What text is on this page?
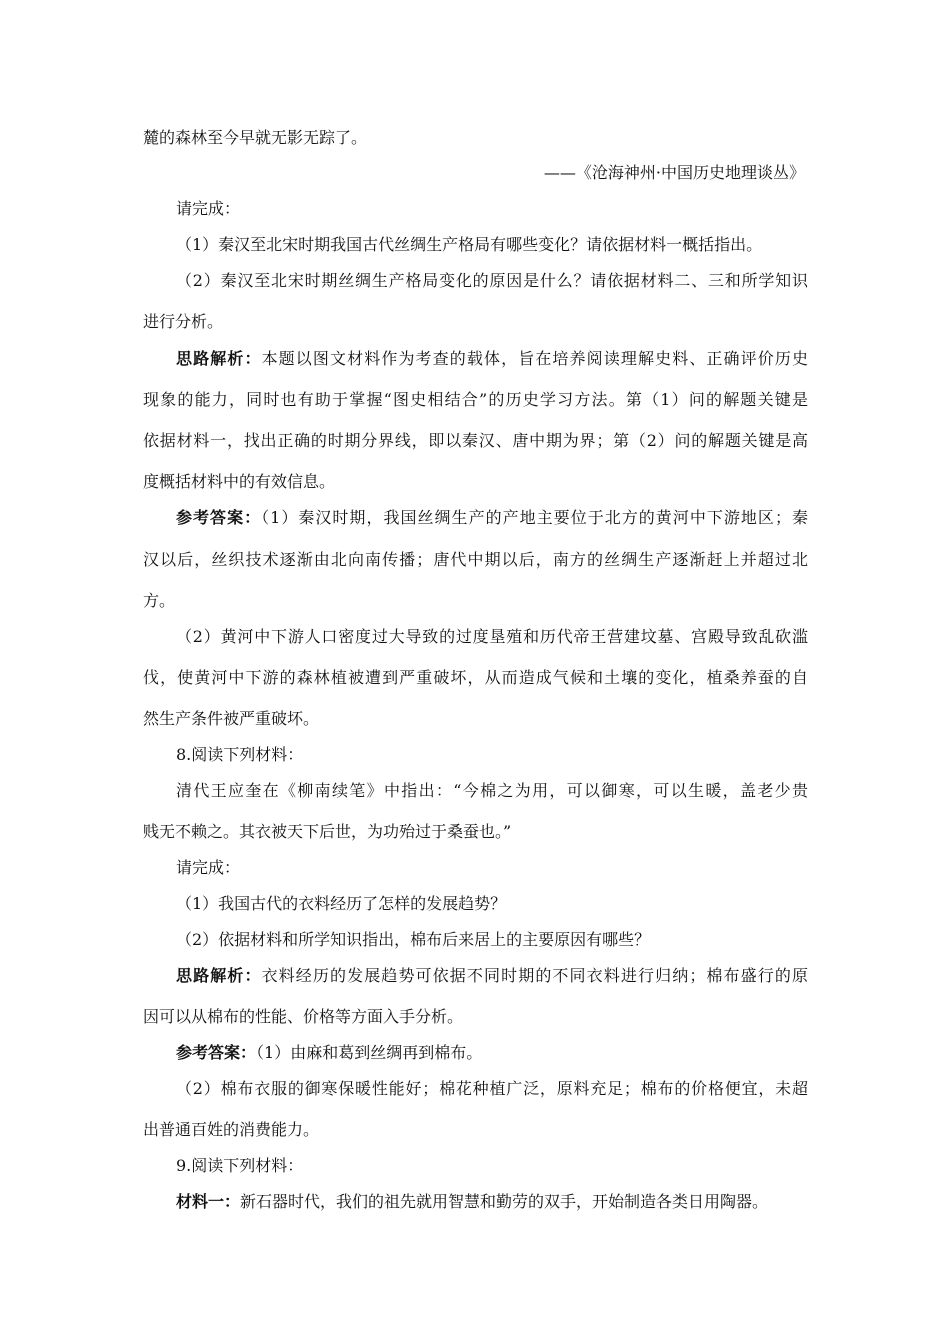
麓的森林至今早就无影无踪了。
——《沧海神州·中国历史地理谈丛》
请完成：
（1）秦汉至北宋时期我国古代丝绸生产格局有哪些变化？请依据材料一概括指出。
（2）秦汉至北宋时期丝绸生产格局变化的原因是什么？请依据材料二、三和所学知识
进行分析。
思路解析：本题以图文材料作为考查的载体，旨在培养阅读理解史料、正确评价历史
现象的能力，同时也有助于掌握“图史相结合”的历史学习方法。第（1）问的解题关键是
依据材料一，找出正确的时期分界线，即以秦汉、唐中期为界；第（2）问的解题关键是高
度概括材料中的有效信息。
参考答案：（1）秦汉时期，我国丝绸生产的产地主要位于北方的黄河中下游地区；秦
汉以后，丝织技术逐渐由北向南传播；唐代中期以后，南方的丝绸生产逐渐赶上并超过北
方。
（2）黄河中下游人口密度过大导致的过度垦殖和历代帝王营建坟墓、宫殿导致乱砍滥
伐，使黄河中下游的森林植被遭到严重破坏，从而造成气候和土壤的变化，植桑养蚕的自
然生产条件被严重破坏。
8.阅读下列材料：
清代王应奎在《柳南续笔》中指出：“今棉之为用，可以御寒，可以生暖，盖老少贵
贱无不赖之。其衣被天下后世，为功殆过于桑蚕也。”
请完成：
（1）我国古代的衣料经历了怎样的发展趋势？
（2）依据材料和所学知识指出，棉布后来居上的主要原因有哪些？
思路解析：衣料经历的发展趋势可依据不同时期的不同衣料进行归纳；棉布盛行的原
因可以从棉布的性能、价格等方面入手分析。
参考答案：（1）由麻和葛到丝绸再到棉布。
（2）棉布衣服的御寒保暖性能好；棉花种植广泛，原料充足；棉布的价格便宜，未超
出普通百姓的消费能力。
9.阅读下列材料：
材料一：新石器时代，我们的祖先就用智慧和勤劳的双手，开始制造各类日用陶器。
